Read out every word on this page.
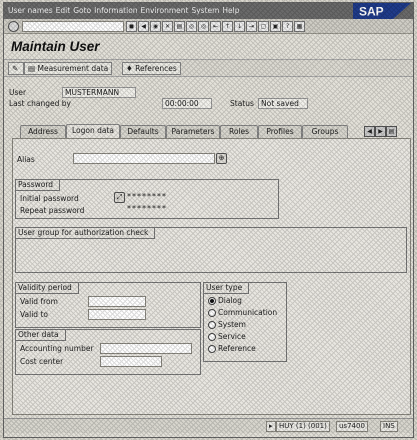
User names Edit Goto Information Environment System Help	SAP
◼	◀	◉	✕	▤	◎	◎	⇤	↑	↓	⇥	▢	▣	?	▦
Maintain User
✎	▤ Measurement data	♦ References
User	MUSTERMANN
Last changed by	00:00:00	Status Not saved
Address	Logon data	Defaults	Parameters	Roles	Profiles	Groups	◀	▶ ▤
Alias	⊕
Password
Initial password	⤢ ********
Repeat password	********
User group for authorization check
Validity period
Valid from
Valid to
Other data
Accounting number
Cost center
User type
Dialog
Communication
System
Service
Reference
▸ HUY (1) (001)	us7400	INS
